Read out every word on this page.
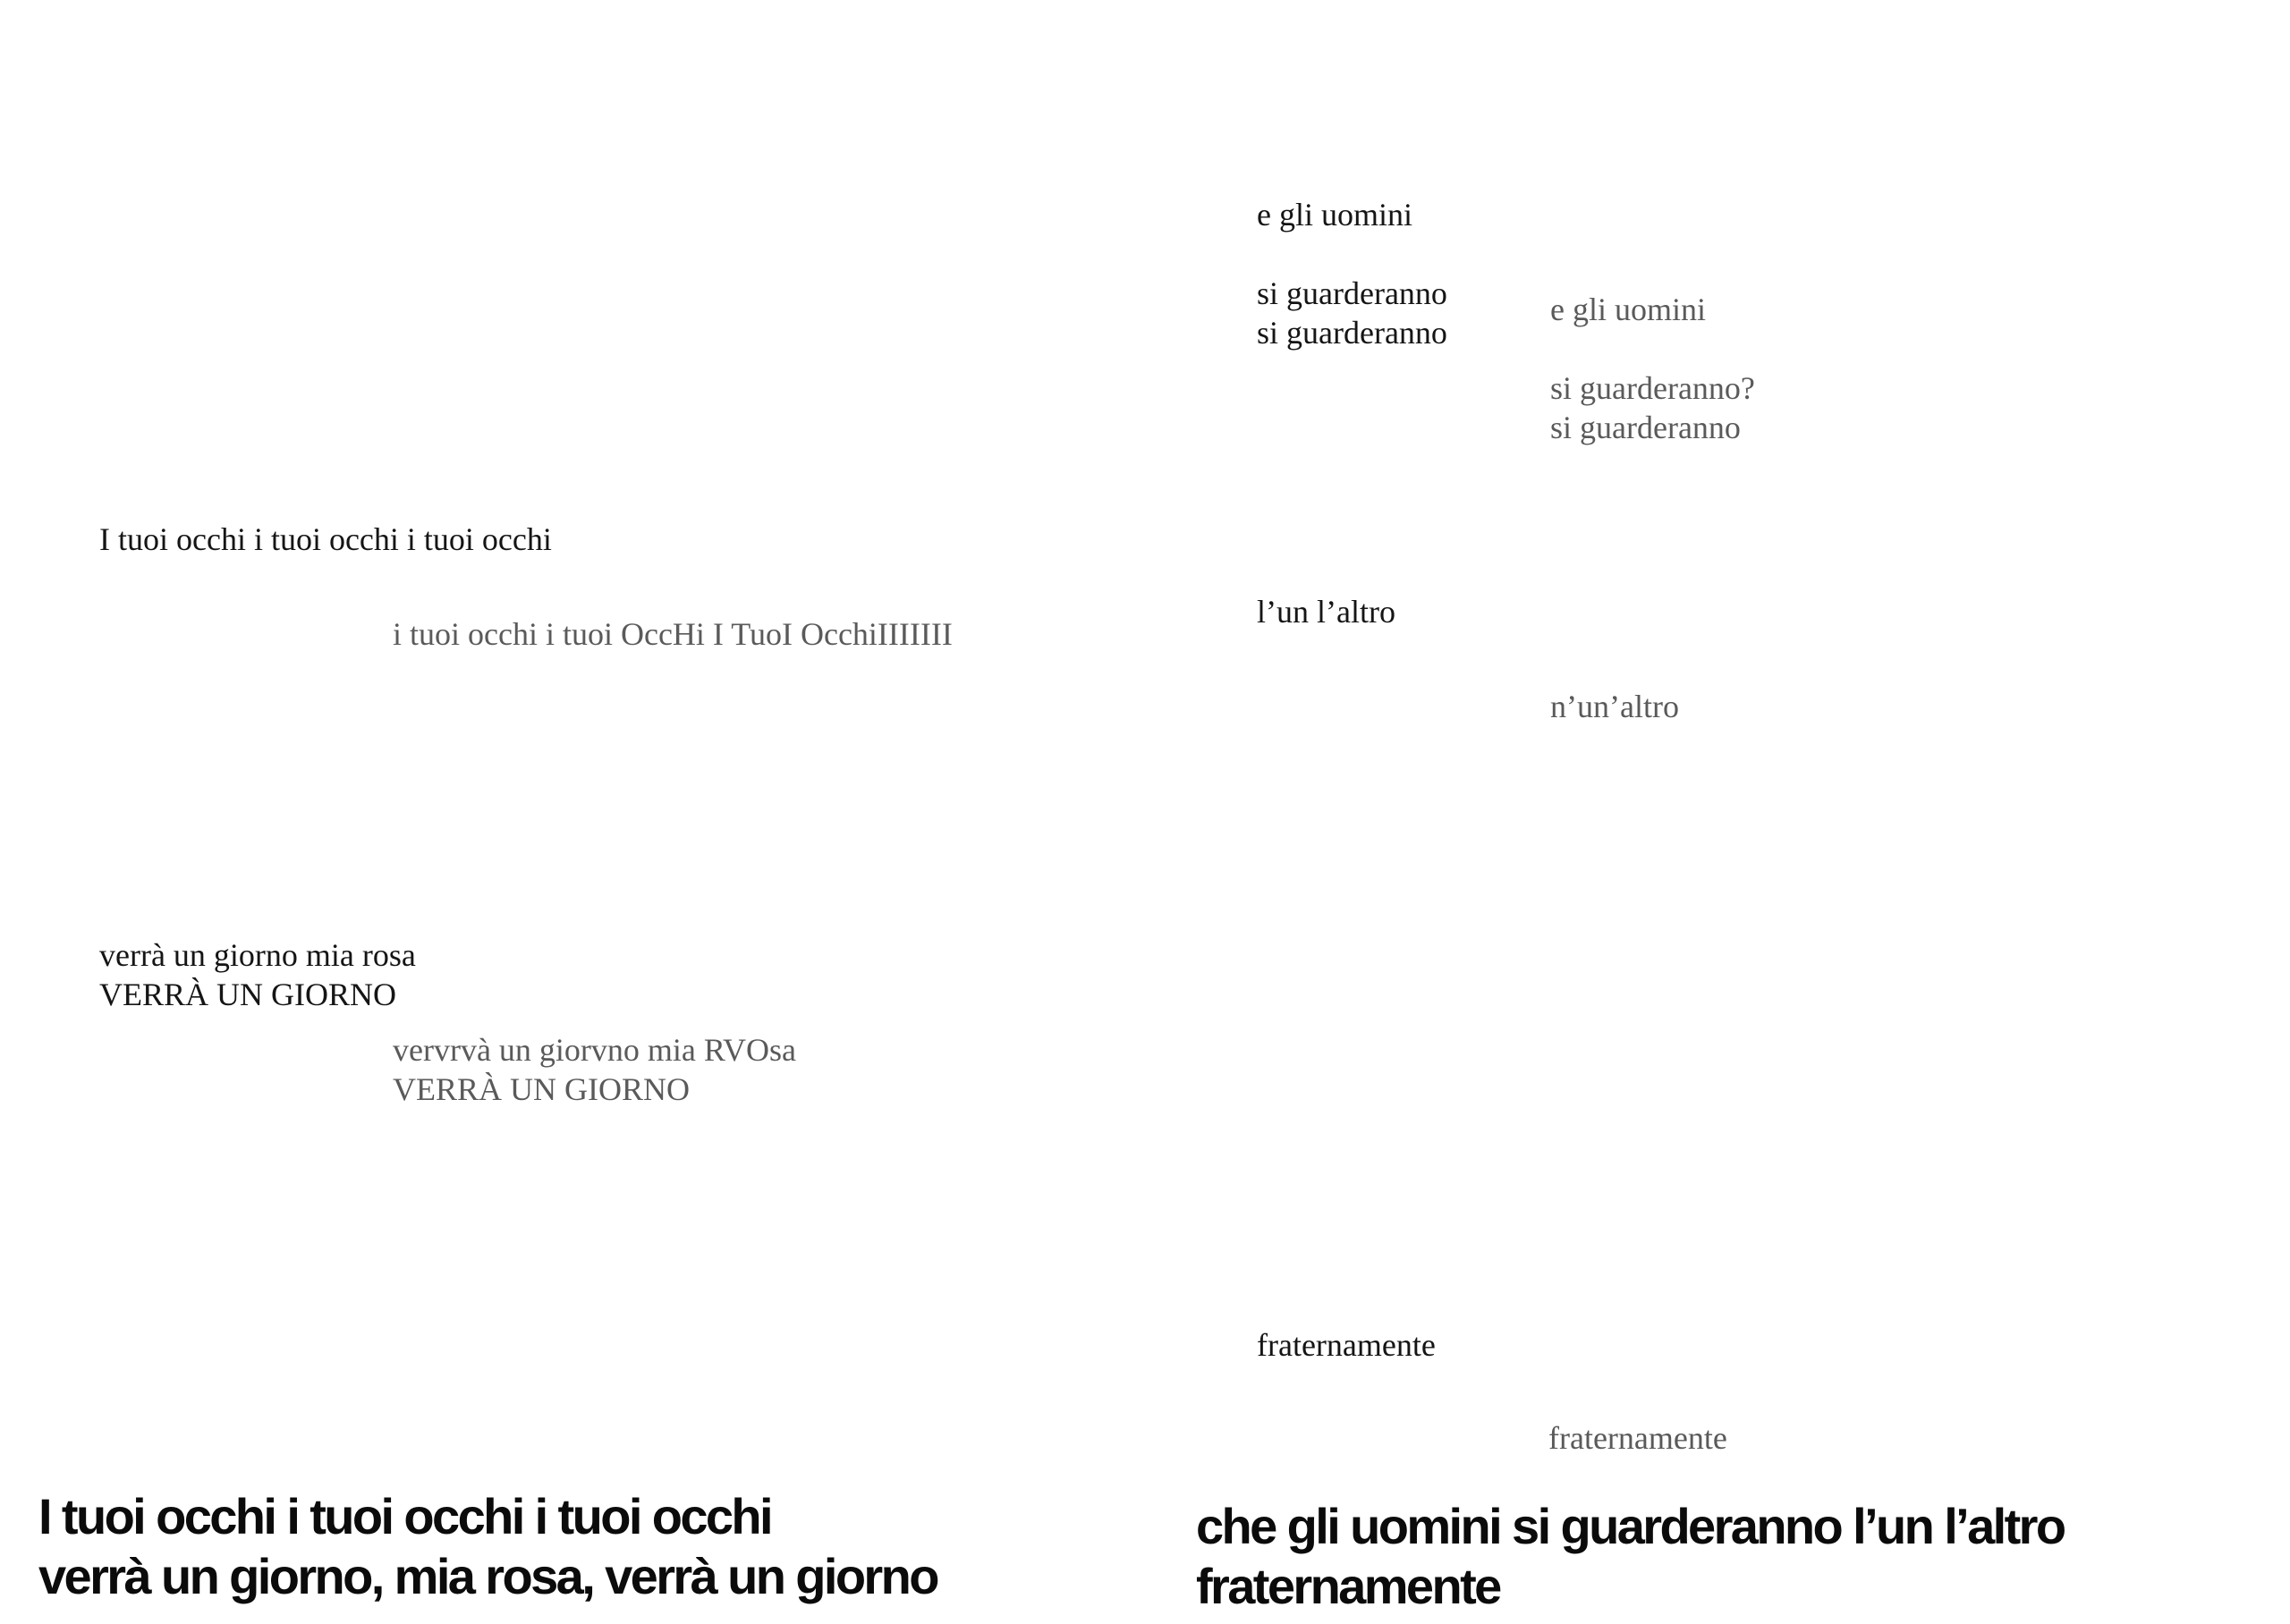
I tuoi occhi i tuoi occhi i tuoi occhi

i tuoi occhi i tuoi OccHi I TuoI OcchiIIIIIII

verrà un giorno mia rosa
VERRÀ UN GIORNO
vervrvà un giorvno mia RVOsa
VERRÀ UN GIORNO
I tuoi occhi i tuoi occhi i tuoi occhi
verrà un giorno, mia rosa, verrà un giorno
e gli uomini
si guarderanno
si guarderanno
e gli uomini
si guarderanno?
si guarderanno

l’un l’altro

n’un’altro

fraternamente

fraternamente

che gli uomini si guarderanno l’un l’altro
fraternamente
